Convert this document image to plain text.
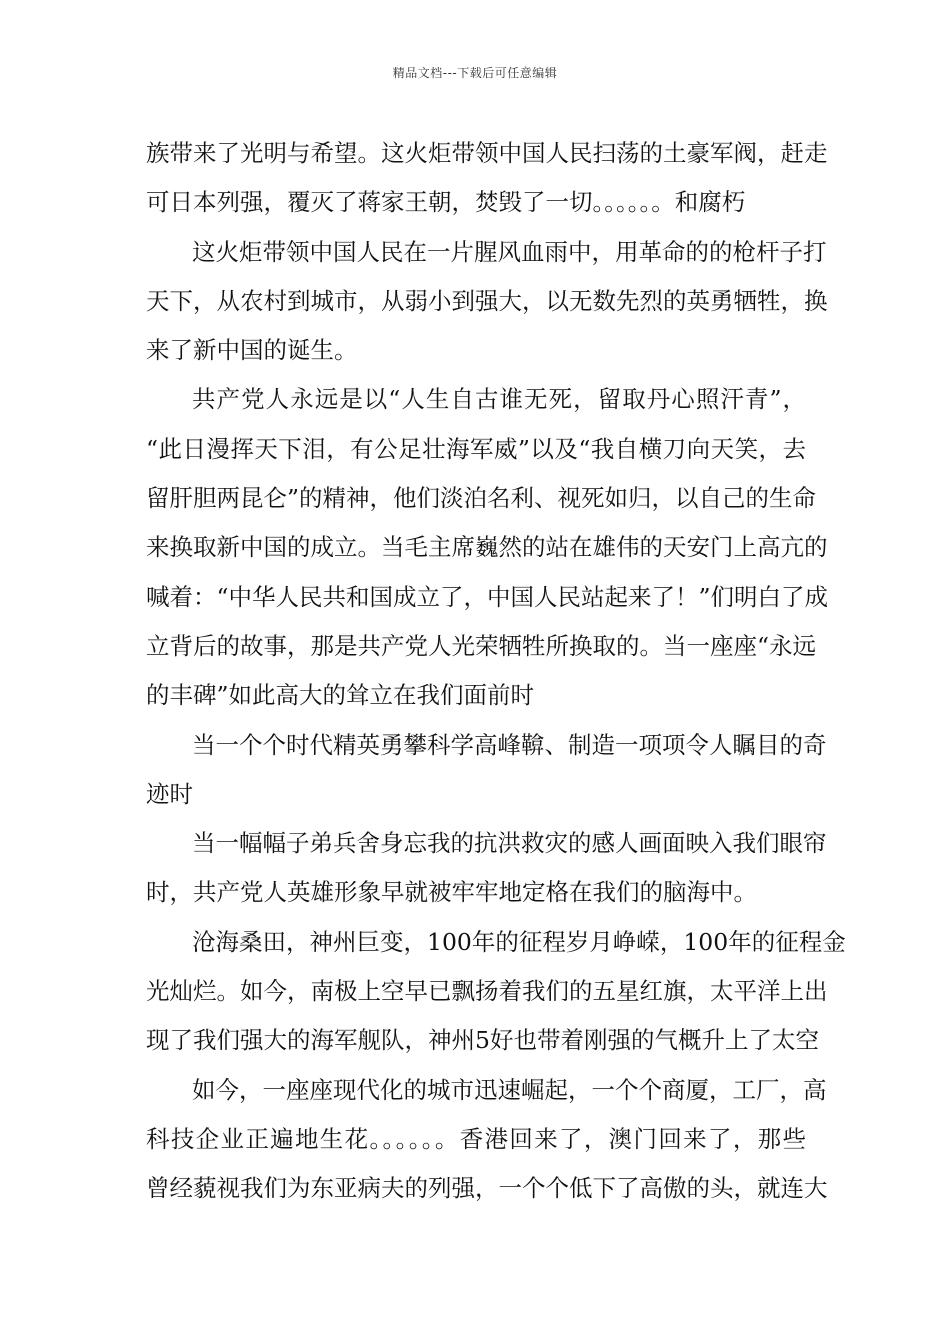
精品文档---下载后可任意编辑
族带来了光明与希望。这火炬带领中国人民扫荡的土豪军阀，赶走
可日本列强，覆灭了蒋家王朝，焚毁了一切。。。。。。和腐朽
这火炬带领中国人民在一片腥风血雨中，用革命的的枪杆子打
天下，从农村到城市，从弱小到强大，以无数先烈的英勇牺牲，换
来了新中国的诞生。
共产党人永远是以“人生自古谁无死，留取丹心照汗青”，
“此日漫挥天下泪，有公足壮海军威”以及“我自横刀向天笑，去
留肝胆两昆仑”的精神，他们淡泊名利、视死如归，以自己的生命
来换取新中国的成立。当毛主席巍然的站在雄伟的天安门上高亢的
喊着：“中华人民共和国成立了，中国人民站起来了！”们明白了成
立背后的故事，那是共产党人光荣牺牲所换取的。当一座座“永远
的丰碑”如此高大的耸立在我们面前时
当一个个时代精英勇攀科学高峰鞥、制造一项项令人瞩目的奇
迹时
当一幅幅子弟兵舍身忘我的抗洪救灾的感人画面映入我们眼帘
时，共产党人英雄形象早就被牢牢地定格在我们的脑海中。
沧海桑田，神州巨变，100年的征程岁月峥嵘，100年的征程金
光灿烂。如今，南极上空早已飘扬着我们的五星红旗，太平洋上出
现了我们强大的海军舰队，神州5好也带着刚强的气概升上了太空
如今，一座座现代化的城市迅速崛起，一个个商厦，工厂，高
科技企业正遍地生花。。。。。。香港回来了，澳门回来了，那些
曾经藐视我们为东亚病夫的列强，一个个低下了高傲的头，就连大
